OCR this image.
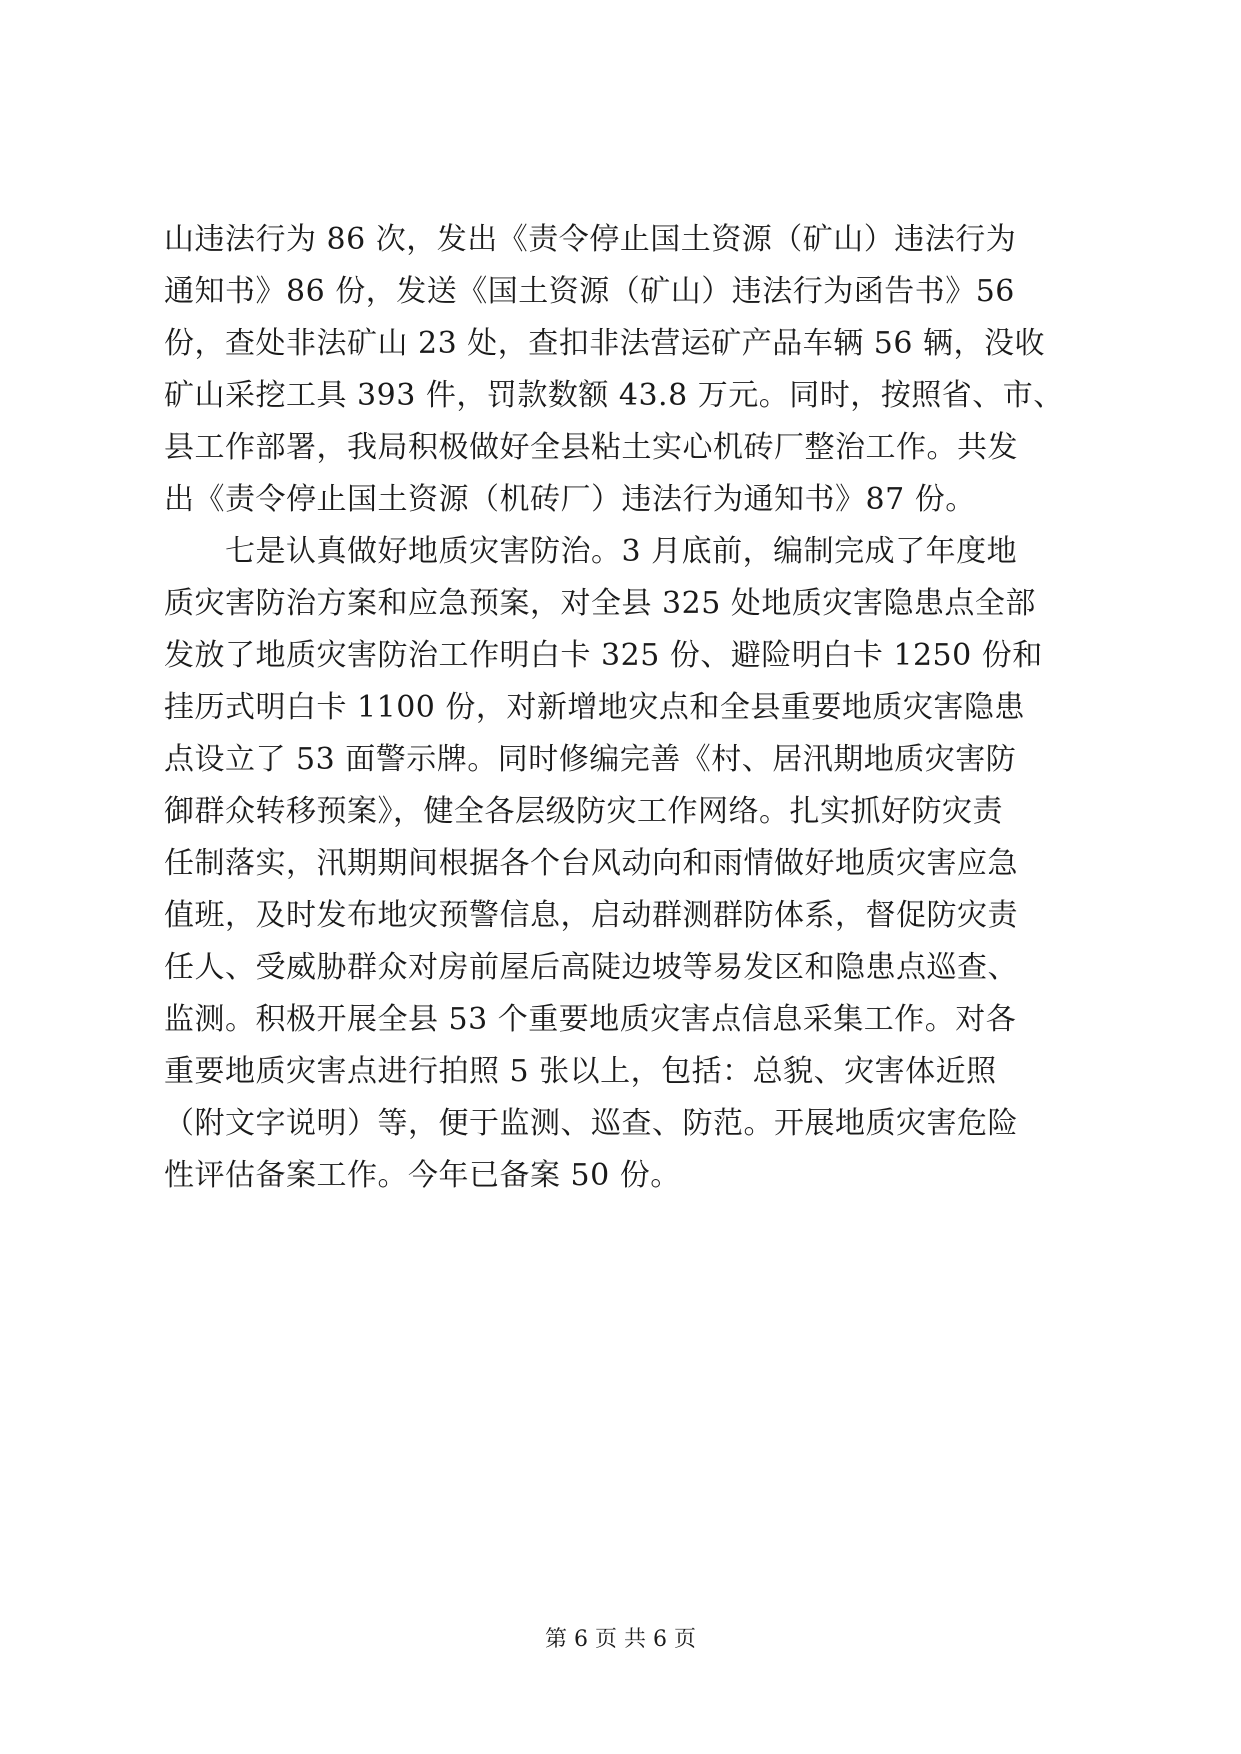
山违法行为 86 次，发出《责令停止国土资源（矿山）违法行为
通知书》86 份，发送《国土资源（矿山）违法行为函告书》56
份，查处非法矿山 23 处，查扣非法营运矿产品车辆 56 辆，没收
矿山采挖工具 393 件，罚款数额 43.8 万元。同时，按照省、市、
县工作部署，我局积极做好全县粘土实心机砖厂整治工作。共发
出《责令停止国土资源（机砖厂）违法行为通知书》87 份。
　　七是认真做好地质灾害防治。3 月底前，编制完成了年度地
质灾害防治方案和应急预案，对全县 325 处地质灾害隐患点全部
发放了地质灾害防治工作明白卡 325 份、避险明白卡 1250 份和
挂历式明白卡 1100 份，对新增地灾点和全县重要地质灾害隐患
点设立了 53 面警示牌。同时修编完善《村、居汛期地质灾害防
御群众转移预案》，健全各层级防灾工作网络。扎实抓好防灾责
任制落实，汛期期间根据各个台风动向和雨情做好地质灾害应急
值班，及时发布地灾预警信息，启动群测群防体系，督促防灾责
任人、受威胁群众对房前屋后高陡边坡等易发区和隐患点巡查、
监测。积极开展全县 53 个重要地质灾害点信息采集工作。对各
重要地质灾害点进行拍照 5 张以上，包括：总貌、灾害体近照
（附文字说明）等，便于监测、巡查、防范。开展地质灾害危险
性评估备案工作。今年已备案 50 份。
第 6 页 共 6 页
